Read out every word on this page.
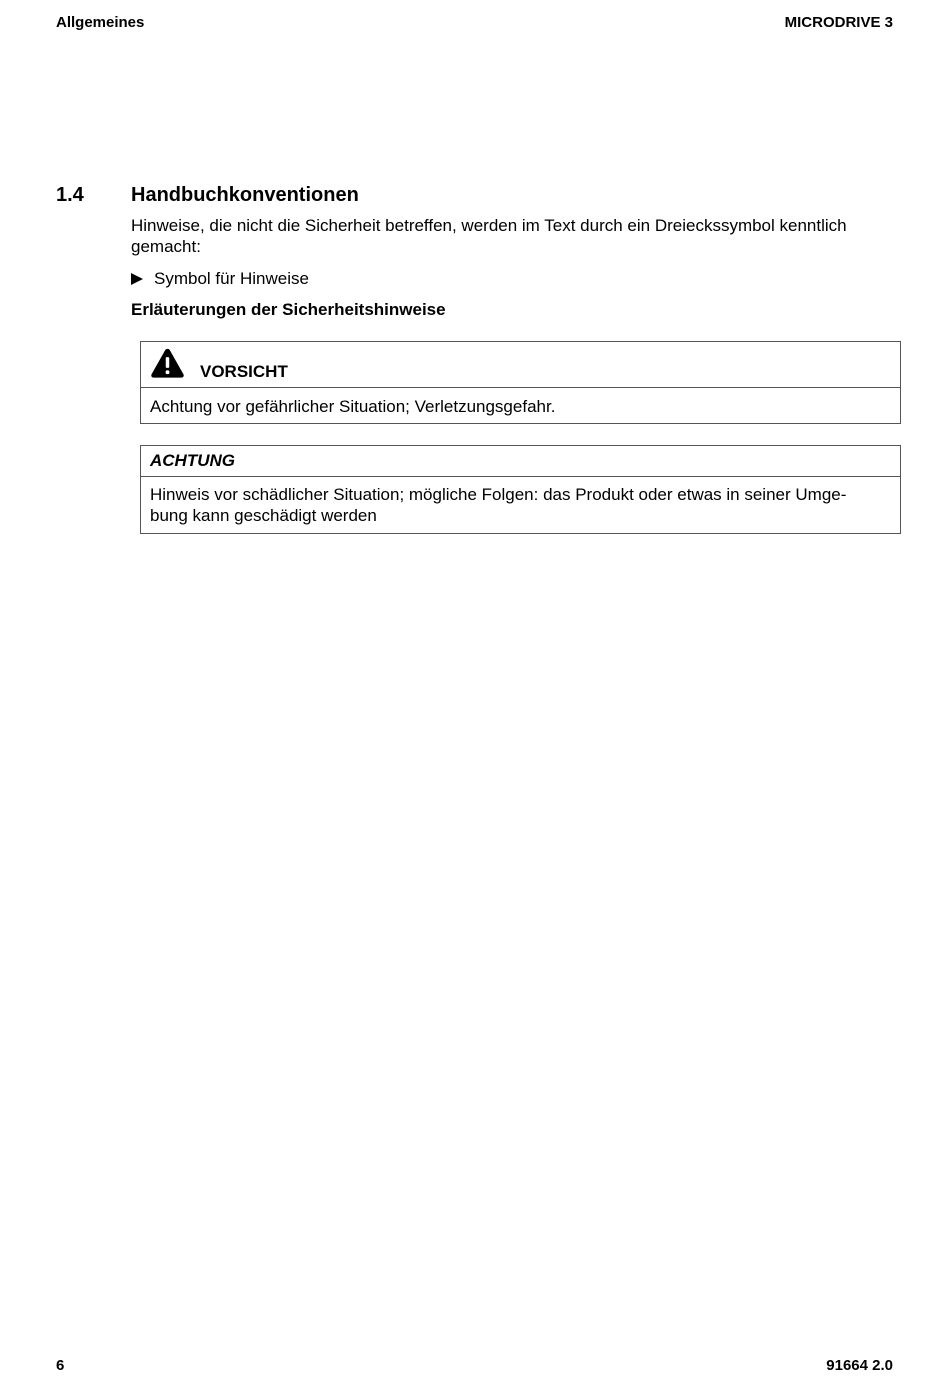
Allgemeines	MICRODRIVE 3
1.4 Handbuchkonventionen
Hinweise, die nicht die Sicherheit betreffen, werden im Text durch ein Dreieckssymbol kenntlich gemacht:
Symbol für Hinweise
Erläuterungen der Sicherheitshinweise
VORSICHT
Achtung vor gefährlicher Situation; Verletzungsgefahr.
ACHTUNG
Hinweis vor schädlicher Situation; mögliche Folgen: das Produkt oder etwas in seiner Umge-
bung kann geschädigt werden
6	91664 2.0
